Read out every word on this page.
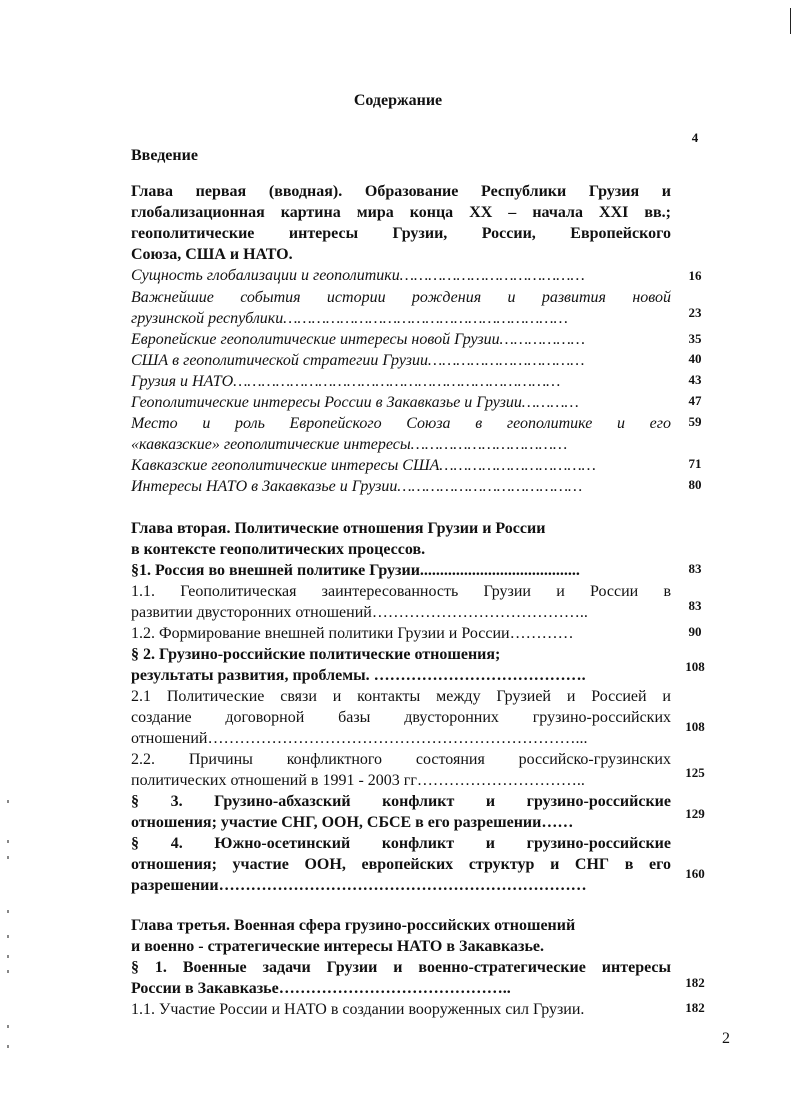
Содержание
Введение
Глава первая (вводная). Образование Республики Грузия и
глобализационная картина мира конца XX – начала XXI вв.;
геополитические интересы Грузии, России, Европейского
Союза, США и НАТО.
Сущность глобализации и геополитики…………………………………
Важнейшие события истории рождения и развития новой
грузинской республики……………………………………………………
Европейские геополитические интересы новой Грузии………………
США в геополитической стратегии Грузии……………………………
Грузия и НАТО……………………………………………………………
Геополитические интересы России в Закавказье и Грузии…………
Место и роль Европейского Союза в геополитике и его
«кавказские» геополитические интересы……………………………
Кавказские геополитические интересы США……………………………
Интересы НАТО в Закавказье и Грузии…………………………………
Глава вторая. Политические отношения Грузии и России
в контексте геополитических процессов.
§1. Россия во внешней политике Грузии........................................
1.1. Геополитическая заинтересованность Грузии и России в
развитии двусторонних отношений…………………………………..
1.2. Формирование внешней политики Грузии и России…………
§ 2. Грузино-российские политические отношения;
результаты развития, проблемы. ………………………………….
2.1 Политические связи и контакты между Грузией и Россией и
создание договорной базы двусторонних грузино-российских
отношений……………………………………………………………...
2.2. Причины конфликтного состояния российско-грузинских
политических отношений в 1991 - 2003 гг…………………………..
§ 3. Грузино-абхазский конфликт и грузино-российские
отношения; участие СНГ, ООН, СБСЕ в его разрешении……
§ 4. Южно-осетинский конфликт и грузино-российские
отношения; участие ООН, европейских структур и СНГ в его
разрешении……………………………………………………………
Глава третья. Военная сфера грузино-российских отношений
и военно - стратегические интересы НАТО в Закавказье.
§ 1. Военные задачи Грузии и военно-стратегические интересы
России в Закавказье……………………………………..
1.1. Участие России и НАТО в создании вооруженных сил Грузии.
4
16
23
35
40
43
47
59
71
80
83
83
90
108
108
125
129
160
182
182
2
